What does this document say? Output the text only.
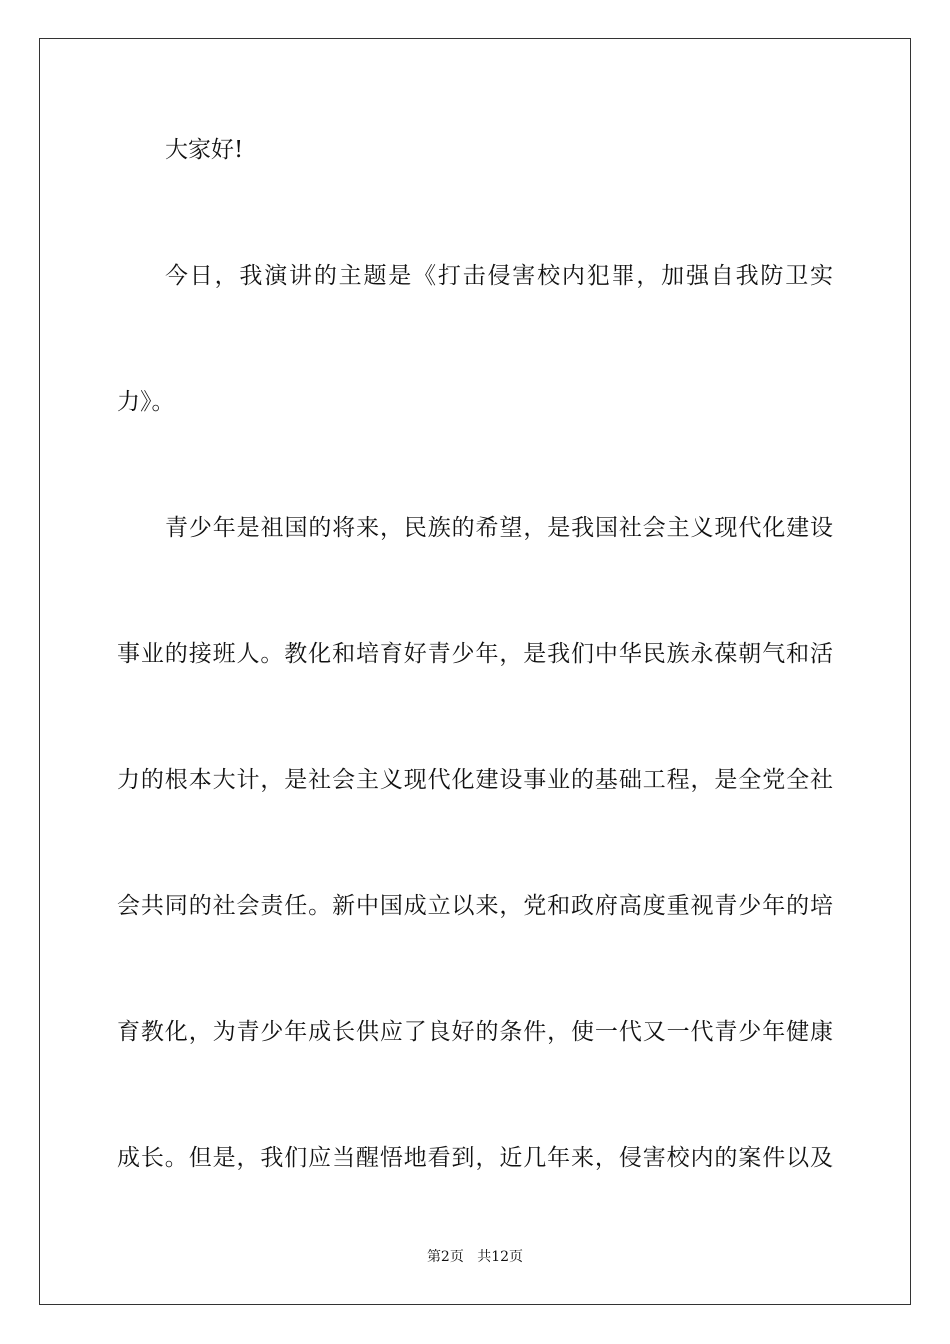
大家好!
今日，我演讲的主题是《打击侵害校内犯罪，加强自我防卫实
力》。
青少年是祖国的将来，民族的希望，是我国社会主义现代化建设
事业的接班人。教化和培育好青少年，是我们中华民族永葆朝气和活
力的根本大计，是社会主义现代化建设事业的基础工程，是全党全社
会共同的社会责任。新中国成立以来，党和政府高度重视青少年的培
育教化，为青少年成长供应了良好的条件，使一代又一代青少年健康
成长。但是，我们应当醒悟地看到，近几年来，侵害校内的案件以及
第2页 共12页
